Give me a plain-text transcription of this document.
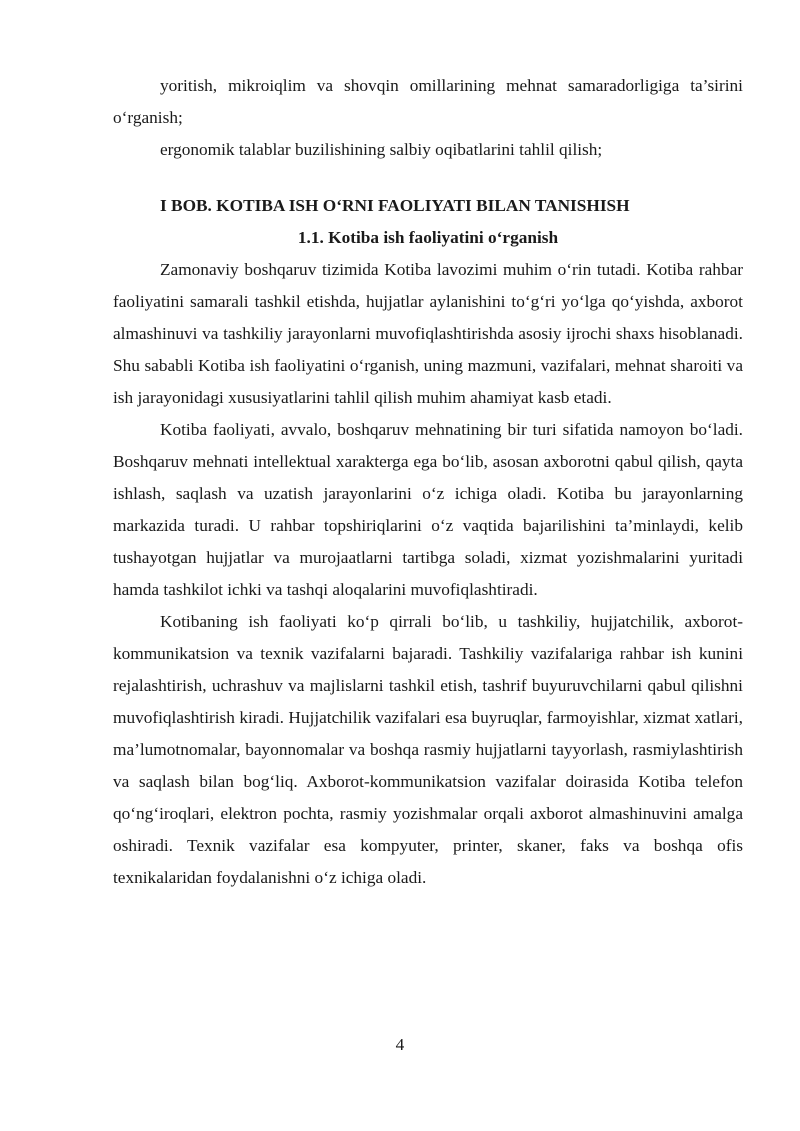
yoritish, mikroiqlim va shovqin omillarining mehnat samaradorligiga ta’sirini o‘rganish;

ergonomik talablar buzilishining salbiy oqibatlarini tahlil qilish;

I BOB. KOTIBA ISH O‘RNI FAOLIYATI BILAN TANISHISH
1.1. Kotiba ish faoliyatini o‘rganish

Zamonaviy boshqaruv tizimida Kotiba lavozimi muhim o‘rin tutadi. Kotiba rahbar faoliyatini samarali tashkil etishda, hujjatlar aylanishini to‘g‘ri yo‘lga qo‘yishda, axborot almashinuvi va tashkiliy jarayonlarni muvofiqlashtirishda asosiy ijrochi shaxs hisoblanadi. Shu sababli Kotiba ish faoliyatini o‘rganish, uning mazmuni, vazifalari, mehnat sharoiti va ish jarayonidagi xususiyatlarini tahlil qilish muhim ahamiyat kasb etadi.

Kotiba faoliyati, avvalo, boshqaruv mehnatining bir turi sifatida namoyon bo‘ladi. Boshqaruv mehnati intellektual xarakterga ega bo‘lib, asosan axborotni qabul qilish, qayta ishlash, saqlash va uzatish jarayonlarini o‘z ichiga oladi. Kotiba bu jarayonlarning markazida turadi. U rahbar topshiriqlarini o‘z vaqtida bajarilishini ta’minlaydi, kelib tushayotgan hujjatlar va murojaatlarni tartibga soladi, xizmat yozishmalarini yuritadi hamda tashkilot ichki va tashqi aloqalarini muvofiqlashtiradi.

Kotibaning ish faoliyati ko‘p qirrali bo‘lib, u tashkiliy, hujjatchilik, axborot-kommunikatsion va texnik vazifalarni bajaradi. Tashkiliy vazifalariga rahbar ish kunini rejalashtirish, uchrashuv va majlislarni tashkil etish, tashrif buyuruvchilarni qabul qilishni muvofiqlashtirish kiradi. Hujjatchilik vazifalari esa buyruqlar, farmoyishlar, xizmat xatlari, ma’lumotnomalar, bayonnomalar va boshqa rasmiy hujjatlarni tayyorlash, rasmiylashtirish va saqlash bilan bog‘liq. Axborot-kommunikatsion vazifalar doirasida Kotiba telefon qo‘ng‘iroqlari, elektron pochta, rasmiy yozishmalar orqali axborot almashinuvini amalga oshiradi. Texnik vazifalar esa kompyuter, printer, skaner, faks va boshqa ofis texnikalaridan foydalanishni o‘z ichiga oladi.

4
